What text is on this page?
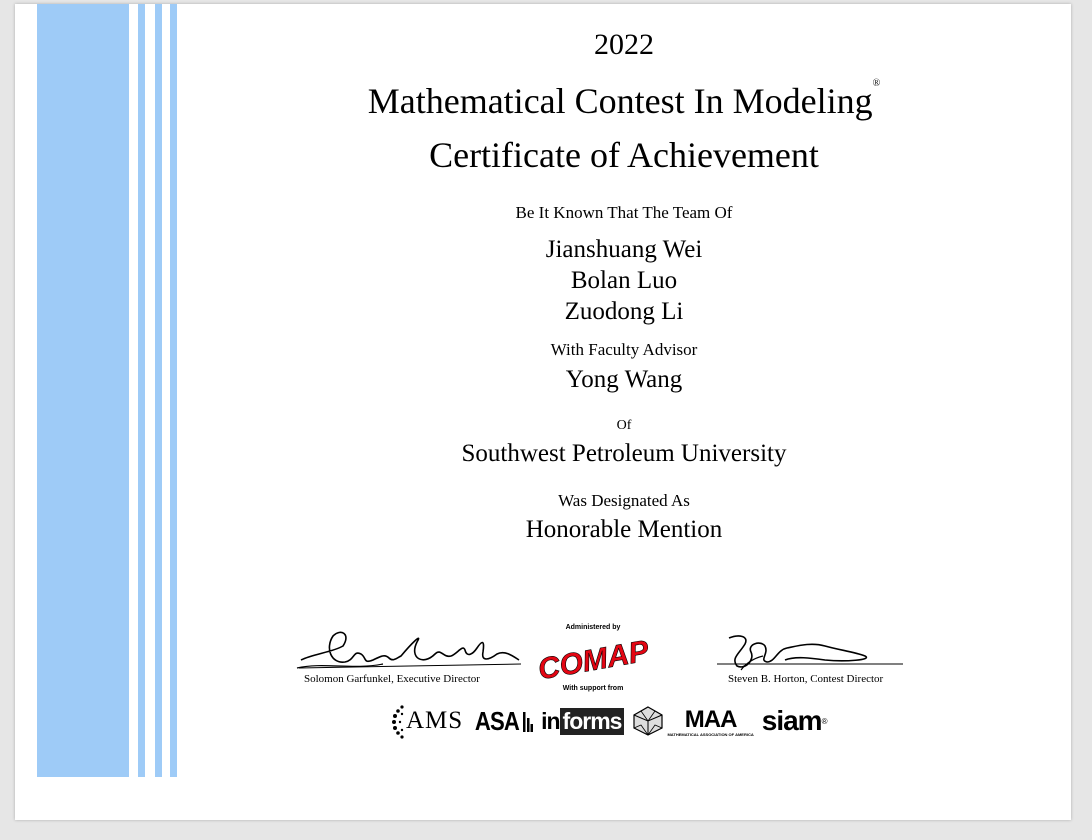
2022
Mathematical Contest In Modeling®
Certificate of Achievement
Be It Known That The Team Of
Jianshuang Wei
Bolan Luo
Zuodong Li
With Faculty Advisor
Yong Wang
Of
Southwest Petroleum University
Was Designated As
Honorable Mention
Solomon Garfunkel, Executive Director
Administered by
COMAP
With support from
Steven B. Horton, Contest Director
AMS ASA in forms	MAA
MATHEMATICAL ASSOCIATION OF AMERICA siam ®
